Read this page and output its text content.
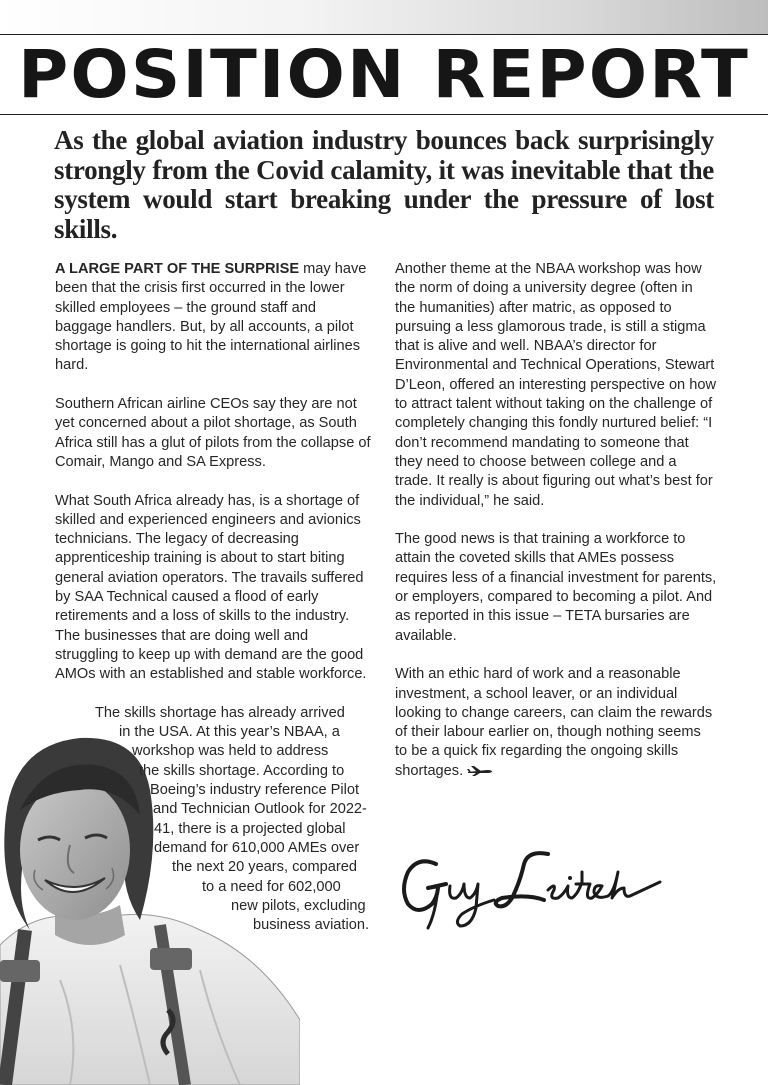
POSITION REPORT
As the global aviation industry bounces back surprisingly strongly from the Covid calamity, it was inevitable that the system would start breaking under the pressure of lost skills.

A LARGE PART OF THE SURPRISE may have been that the crisis first occurred in the lower skilled employees – the ground staff and baggage handlers. But, by all accounts, a pilot shortage is going to hit the international airlines hard.

Southern African airline CEOs say they are not yet concerned about a pilot shortage, as South Africa still has a glut of pilots from the collapse of Comair, Mango and SA Express.

What South Africa already has, is a shortage of skilled and experienced engineers and avionics technicians. The legacy of decreasing apprenticeship training is about to start biting general aviation operators. The travails suffered by SAA Technical caused a flood of early retirements and a loss of skills to the industry. The businesses that are doing well and struggling to keep up with demand are the good AMOs with an established and stable workforce.

The skills shortage has already arrived
in the USA. At this year’s NBAA, a
workshop was held to address
the skills shortage. According to
Boeing’s industry reference Pilot
and Technician Outlook for 2022-
41, there is a projected global
demand for 610,000 AMEs over
the next 20 years, compared
to a need for 602,000
new pilots, excluding
business aviation.

Another theme at the NBAA workshop was how the norm of doing a university degree (often in the humanities) after matric, as opposed to pursuing a less glamorous trade, is still a stigma that is alive and well. NBAA’s director for Environmental and Technical Operations, Stewart D’Leon, offered an interesting perspective on how to attract talent without taking on the challenge of completely changing this fondly nurtured belief: “I don’t recommend mandating to someone that they need to choose between college and a trade. It really is about figuring out what’s best for the individual,” he said.

The good news is that training a workforce to attain the coveted skills that AMEs possess requires less of a financial investment for parents, or employers, compared to becoming a pilot. And as reported in this issue – TETA bursaries are available.

With an ethic hard of work and a reasonable investment, a school leaver, or an individual looking to change careers, can claim the rewards of their labour earlier on, though nothing seems to be a quick fix regarding the ongoing skills shortages.
